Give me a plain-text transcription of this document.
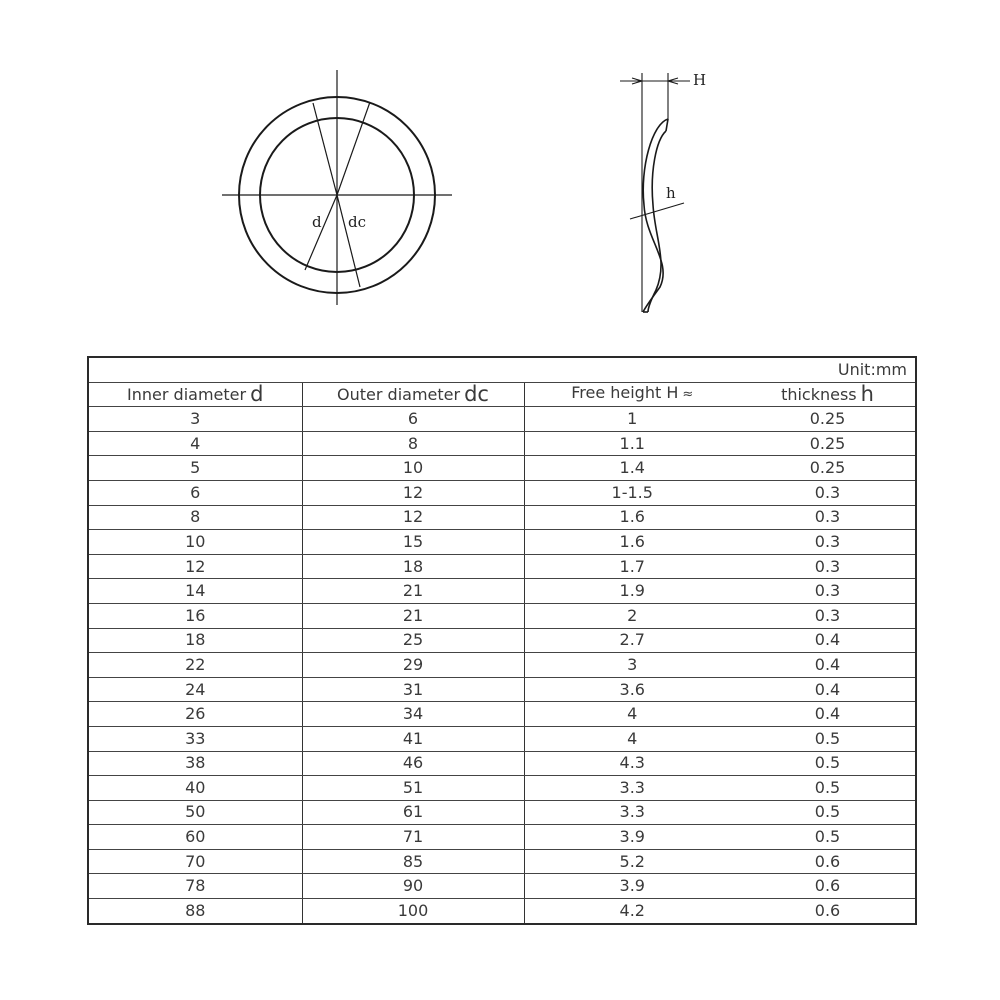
d dc
H
h
Unit:mm			
Inner diameter d	Outer diameter dc	Free height H ≈	thickness h
3	6	1	0.25
4	8	1.1	0.25
5	10	1.4	0.25
6	12	1-1.5	0.3
8	12	1.6	0.3
10	15	1.6	0.3
12	18	1.7	0.3
14	21	1.9	0.3
16	21	2	0.3
18	25	2.7	0.4
22	29	3	0.4
24	31	3.6	0.4
26	34	4	0.4
33	41	4	0.5
38	46	4.3	0.5
40	51	3.3	0.5
50	61	3.3	0.5
60	71	3.9	0.5
70	85	5.2	0.6
78	90	3.9	0.6
88	100	4.2	0.6
